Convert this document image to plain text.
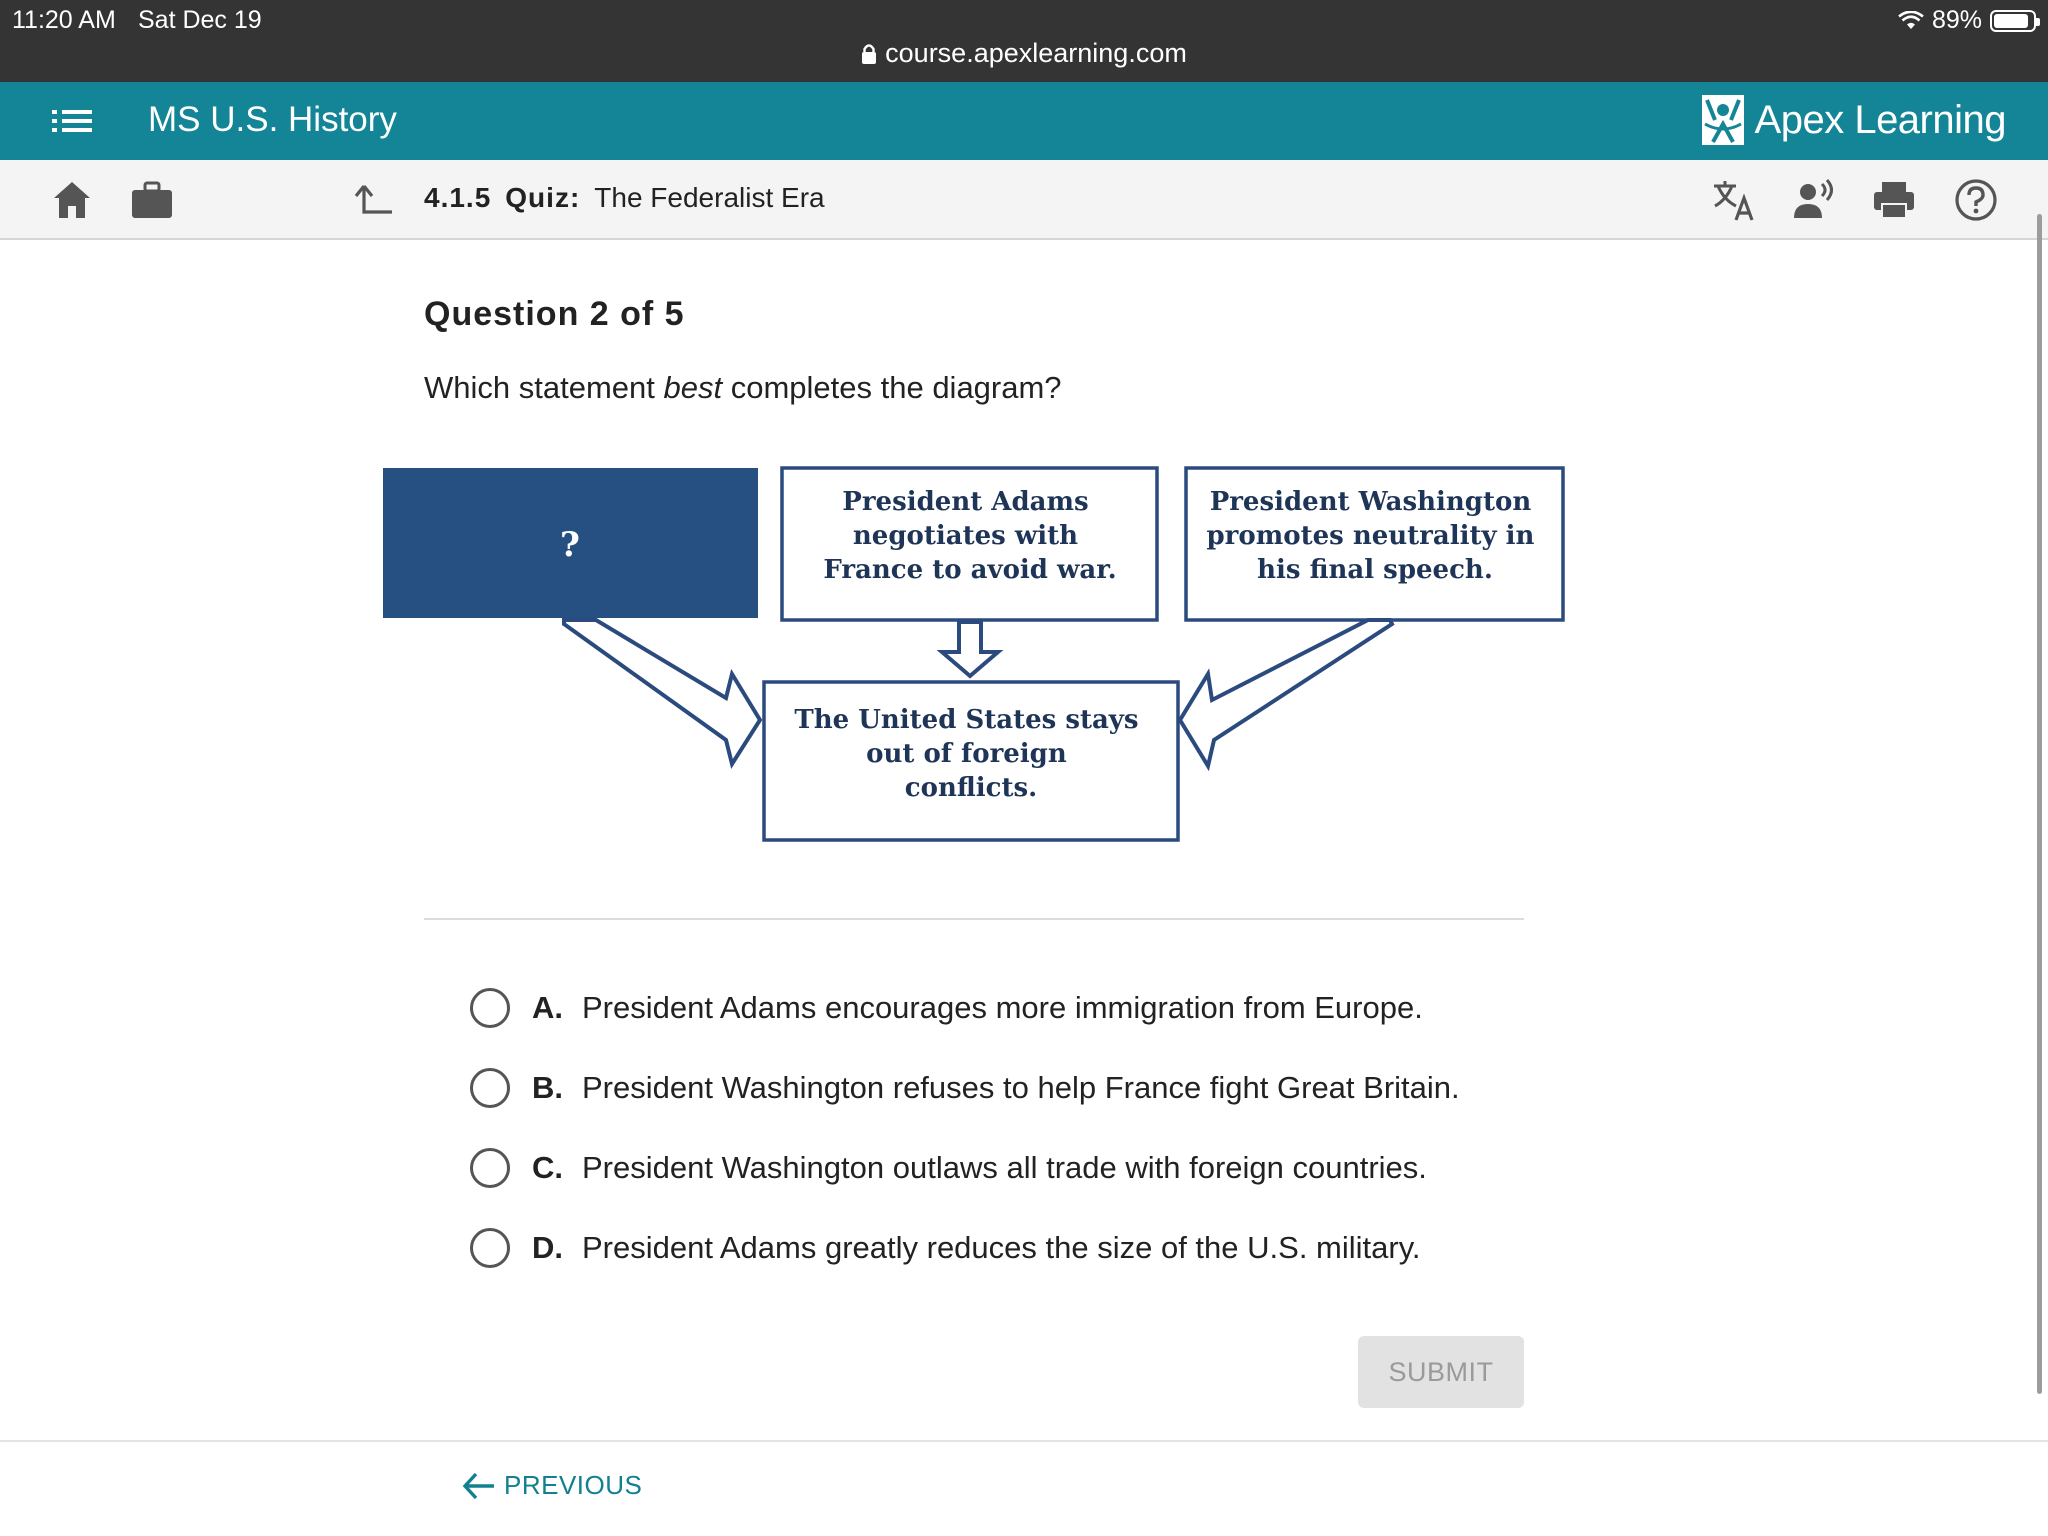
11:20 AM Sat Dec 19	89%
course.apexlearning.com
MS U.S. History	Apex Learning
4.1.5 Quiz: The Federalist Era
Question 2 of 5
Which statement best completes the diagram?
?
President Adams negotiates with France to avoid war.
President Washington promotes neutrality in his final speech.
The United States stays out of foreign conflicts.
A. President Adams encourages more immigration from Europe.
B. President Washington refuses to help France fight Great Britain.
C. President Washington outlaws all trade with foreign countries.
D. President Adams greatly reduces the size of the U.S. military.
SUBMIT
PREVIOUS
